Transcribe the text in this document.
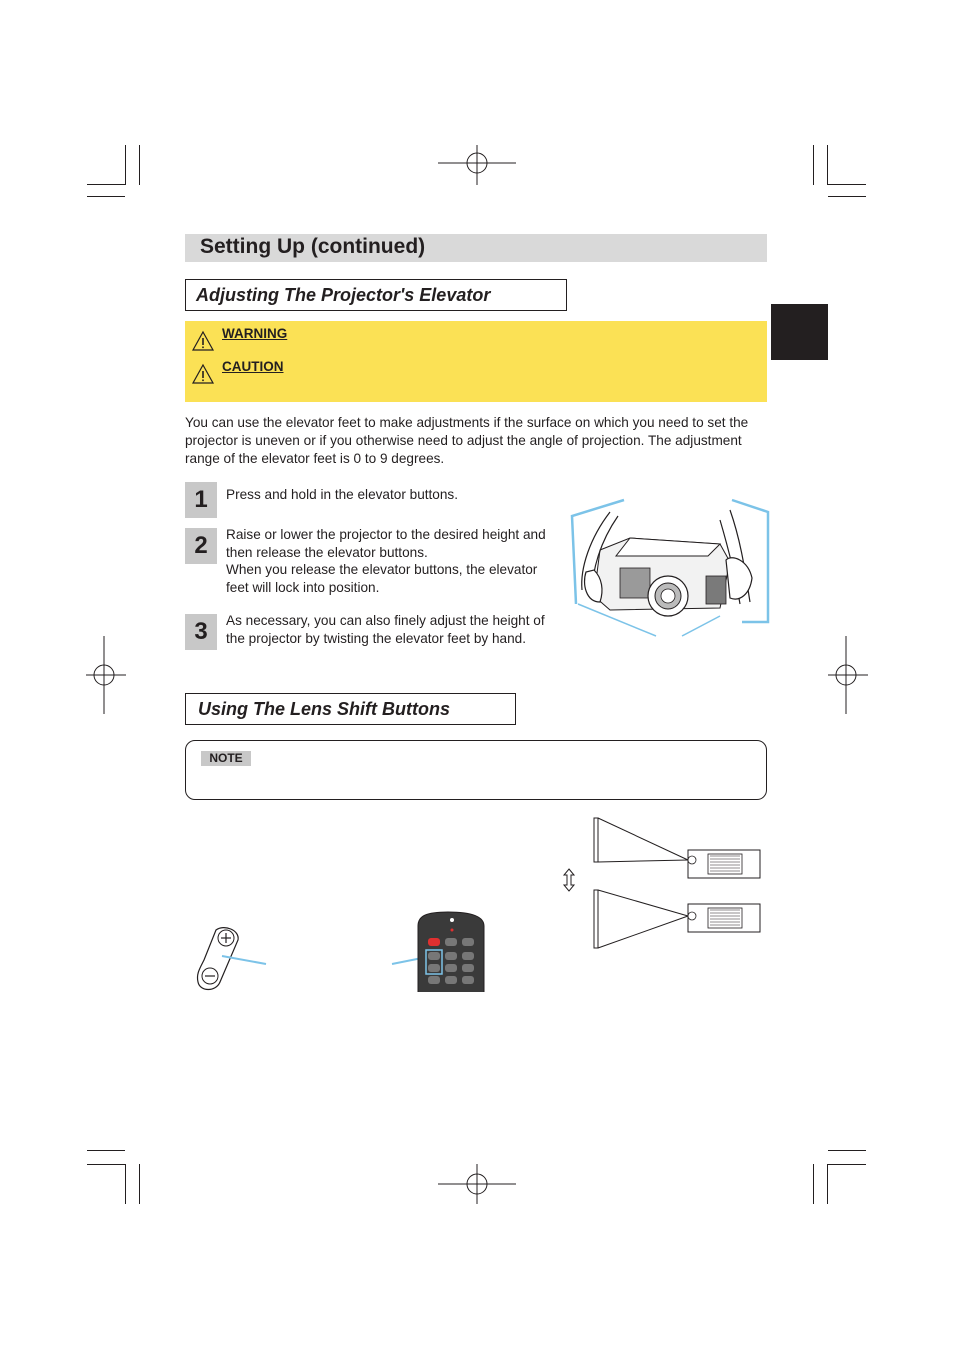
Setting Up (continued)
Adjusting The Projector's Elevator
WARNING
CAUTION
You can use the elevator feet to make adjustments if the surface on which you need to set the projector is uneven or if you otherwise need to adjust the angle of projection. The adjustment range of the elevator feet is 0 to 9 degrees.
1	Press and hold in the elevator buttons.
2	Raise or lower the projector to the desired height and
then release the elevator buttons.
When you release the elevator buttons, the elevator
feet will lock into position.
3	As necessary, you can also finely adjust the height of
the projector by twisting the elevator feet by hand.
Using The Lens Shift Buttons
NOTE
